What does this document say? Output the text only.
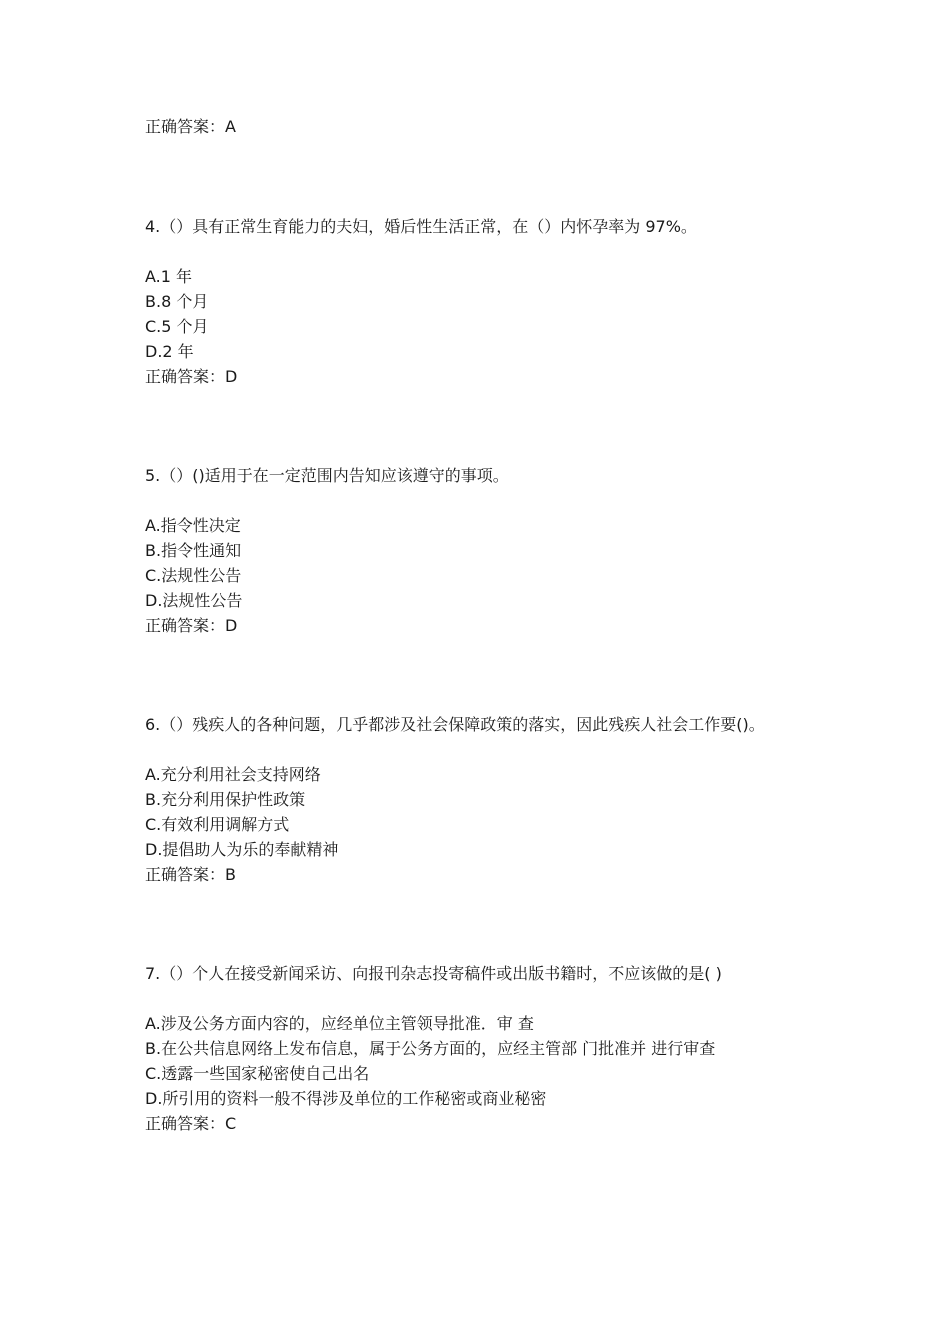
正确答案：A
4.（）具有正常生育能力的夫妇，婚后性生活正常，在（）内怀孕率为 97%。
A.1 年
B.8 个月
C.5 个月
D.2 年
正确答案：D
5.（）()适用于在一定范围内告知应该遵守的事项。
A.指令性决定
B.指令性通知
C.法规性公告
D.法规性公告
正确答案：D
6.（）残疾人的各种问题，几乎都涉及社会保障政策的落实，因此残疾人社会工作要()。
A.充分利用社会支持网络
B.充分利用保护性政策
C.有效利用调解方式
D.提倡助人为乐的奉献精神
正确答案：B
7.（）个人在接受新闻采访、向报刊杂志投寄稿件或出版书籍时，不应该做的是( )
A.涉及公务方面内容的，应经单位主管领导批准．审 查
B.在公共信息网络上发布信息，属于公务方面的，应经主管部 门批准并 进行审查
C.透露一些国家秘密使自己出名
D.所引用的资料一般不得涉及单位的工作秘密或商业秘密
正确答案：C
